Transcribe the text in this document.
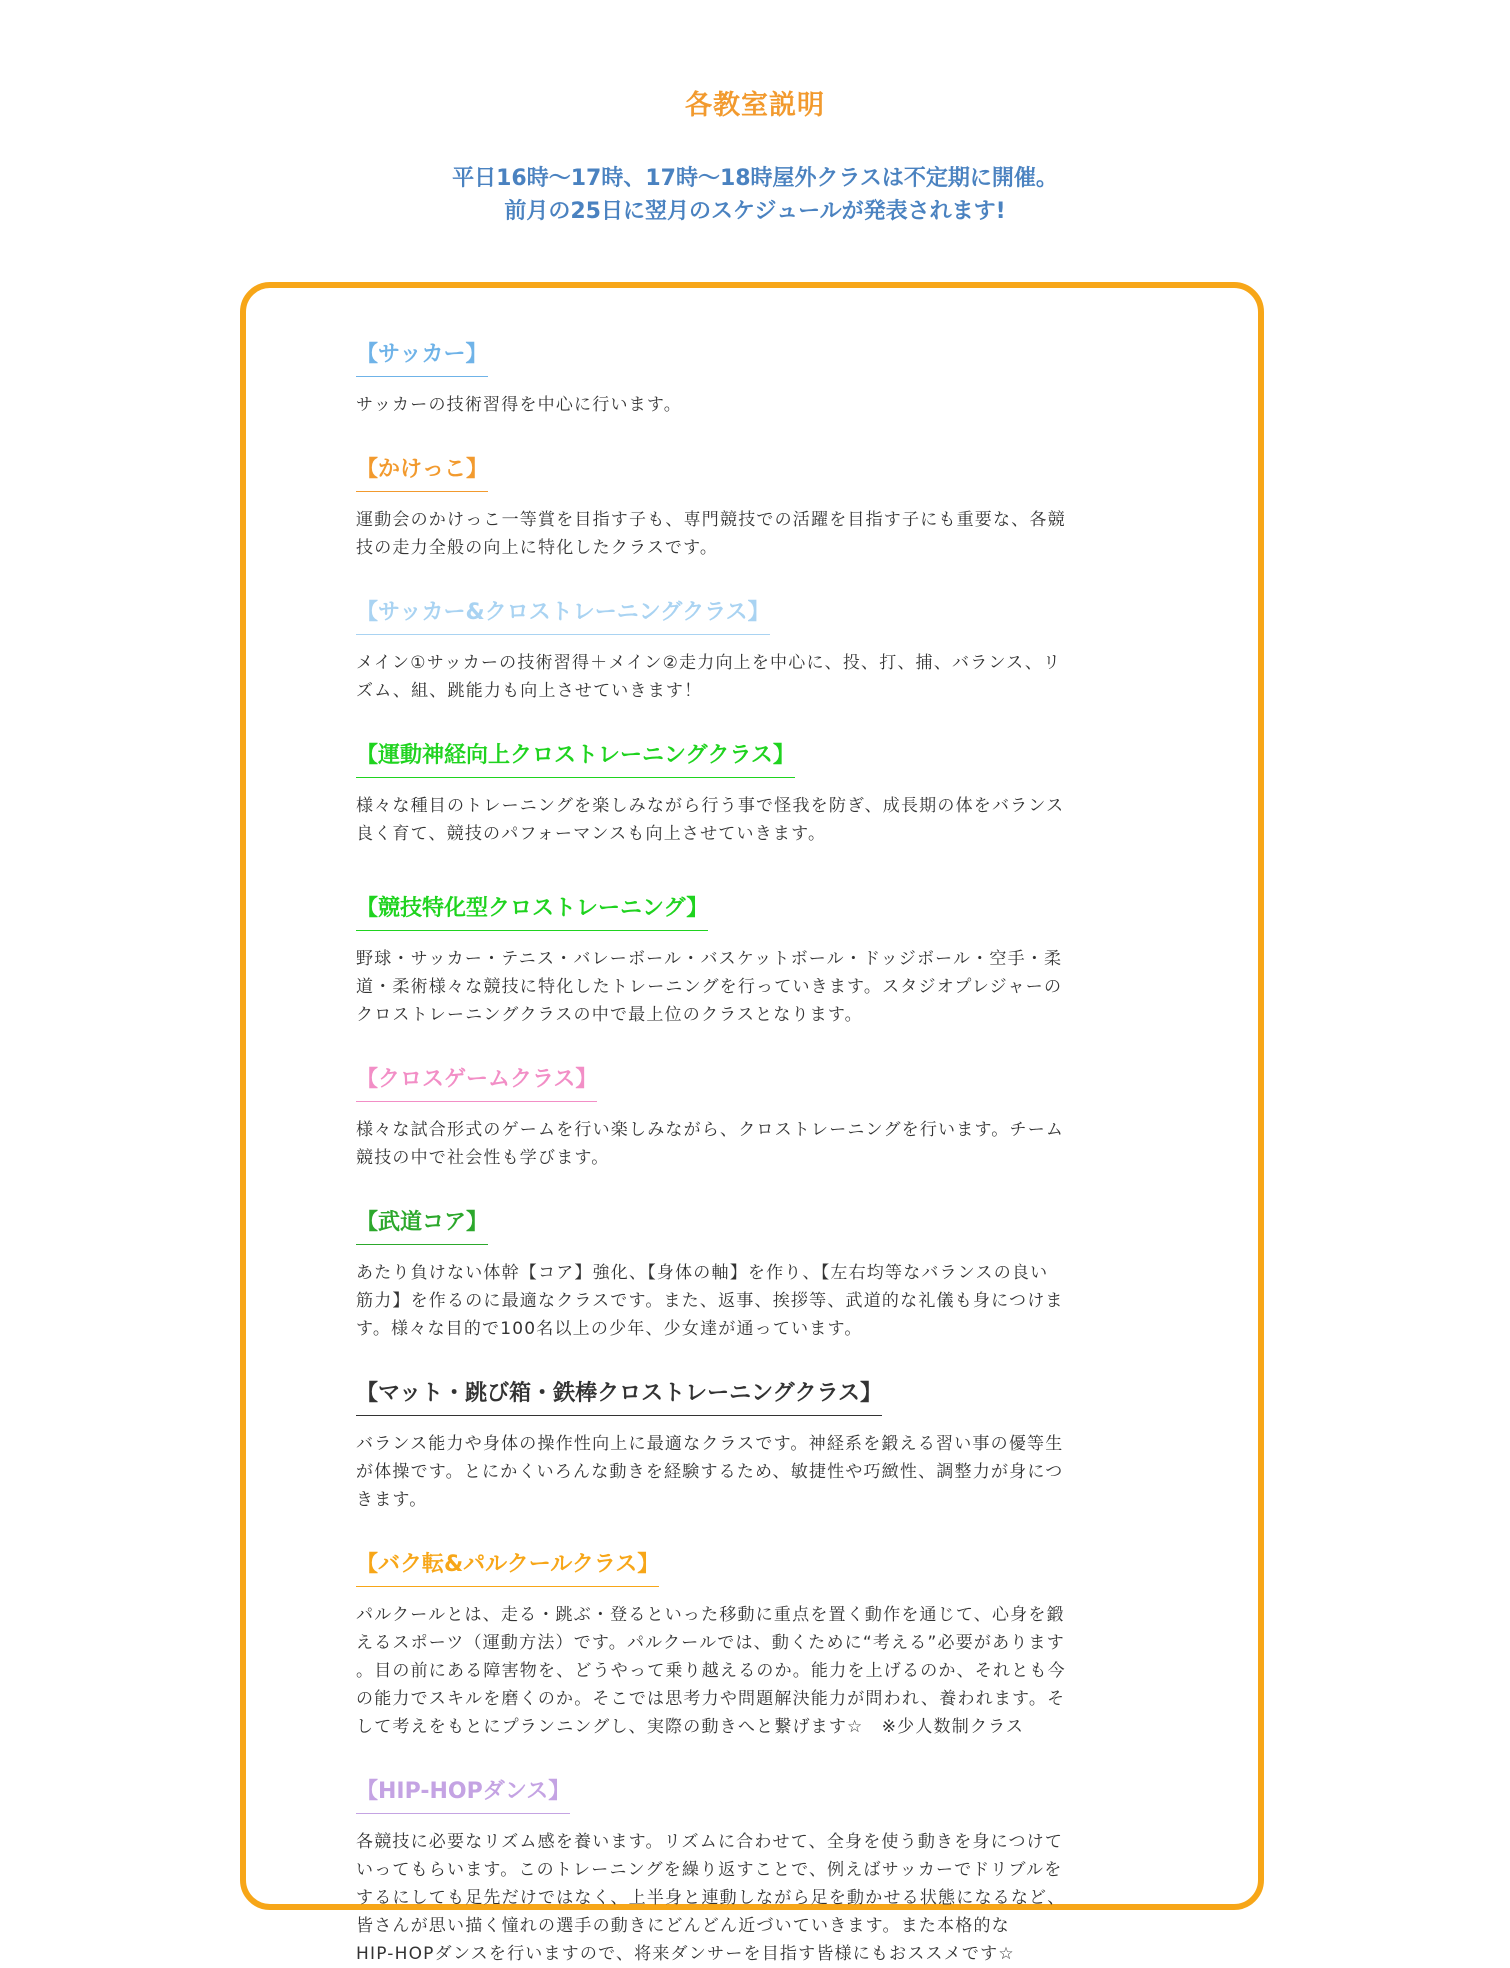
各教室説明
平日16時〜17時、17時〜18時屋外クラスは不定期に開催。
前月の25日に翌月のスケジュールが発表されます!
【サッカー】
サッカーの技術習得を中心に行います。
【かけっこ】
運動会のかけっこ一等賞を目指す子も、専門競技での活躍を目指す子にも重要な、各競
技の走力全般の向上に特化したクラスです。
【サッカー&クロストレーニングクラス】
メイン①サッカーの技術習得＋メイン②走力向上を中心に、投、打、捕、バランス、リ
ズム、組、跳能力も向上させていきます！
【運動神経向上クロストレーニングクラス】
様々な種目のトレーニングを楽しみながら行う事で怪我を防ぎ、成長期の体をバランス
良く育て、競技のパフォーマンスも向上させていきます。
【競技特化型クロストレーニング】
野球・サッカー・テニス・バレーボール・バスケットボール・ドッジボール・空手・柔
道・柔術様々な競技に特化したトレーニングを行っていきます。スタジオプレジャーの
クロストレーニングクラスの中で最上位のクラスとなります。
【クロスゲームクラス】
様々な試合形式のゲームを行い楽しみながら、クロストレーニングを行います。チーム
競技の中で社会性も学びます。
【武道コア】
あたり負けない体幹【コア】強化、【身体の軸】を作り、【左右均等なバランスの良い
筋力】を作るのに最適なクラスです。また、返事、挨拶等、武道的な礼儀も身につけま
す。様々な目的で100名以上の少年、少女達が通っています。
【マット・跳び箱・鉄棒クロストレーニングクラス】
バランス能力や身体の操作性向上に最適なクラスです。神経系を鍛える習い事の優等生
が体操です。とにかくいろんな動きを経験するため、敏捷性や巧緻性、調整力が身につ
きます。
【バク転&パルクールクラス】
パルクールとは、走る・跳ぶ・登るといった移動に重点を置く動作を通じて、心身を鍛
えるスポーツ（運動方法）です。パルクールでは、動くために“考える”必要があります
。目の前にある障害物を、どうやって乗り越えるのか。能力を上げるのか、それとも今
の能力でスキルを磨くのか。そこでは思考力や問題解決能力が問われ、養われます。そ
して考えをもとにプランニングし、実際の動きへと繋げます☆　※少人数制クラス
【HIP-HOPダンス】
各競技に必要なリズム感を養います。リズムに合わせて、全身を使う動きを身につけて
いってもらいます。このトレーニングを繰り返すことで、例えばサッカーでドリブルを
するにしても足先だけではなく、上半身と連動しながら足を動かせる状態になるなど、
皆さんが思い描く憧れの選手の動きにどんどん近づいていきます。また本格的な
HIP-HOPダンスを行いますので、将来ダンサーを目指す皆様にもおススメです☆
